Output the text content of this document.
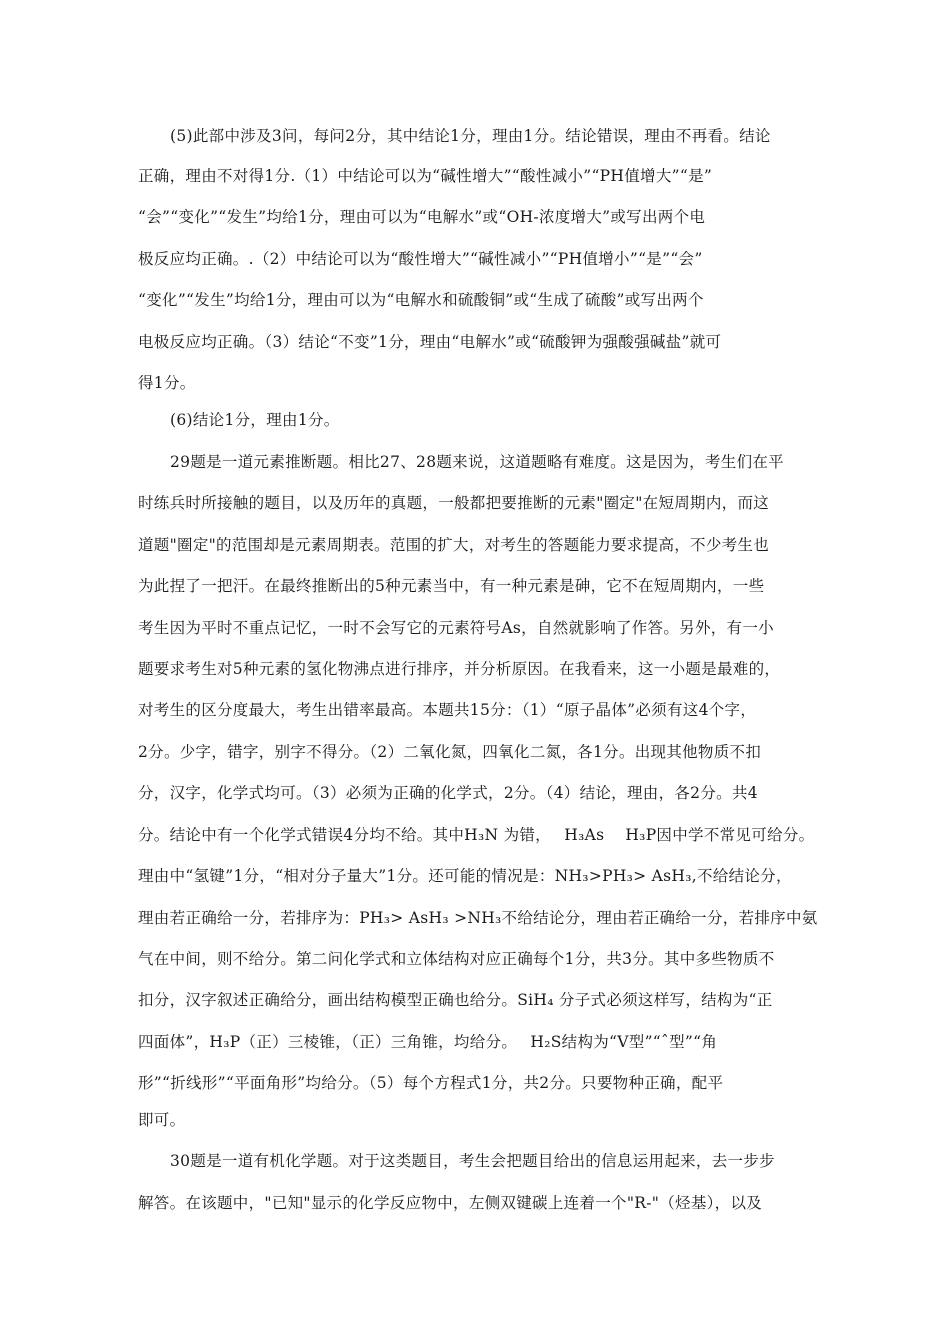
(5)此部中涉及3问，每问2分，其中结论1分，理由1分。结论错误，理由不再看。结论
正确，理由不对得1分.（1）中结论可以为“碱性增大”“酸性减小”“PH值增大”“是”
“会”“变化”“发生”均给1分，理由可以为“电解水”或“OH-浓度增大”或写出两个电
极反应均正确。.（2）中结论可以为“酸性增大”“碱性减小”“PH值增小”“是”“会”
“变化”“发生”均给1分，理由可以为“电解水和硫酸铜”或“生成了硫酸”或写出两个
电极反应均正确。（3）结论“不变”1分，理由“电解水”或“硫酸钾为强酸强碱盐”就可
得1分。
(6)结论1分，理由1分。
29题是一道元素推断题。相比27、28题来说，这道题略有难度。这是因为，考生们在平
时练兵时所接触的题目，以及历年的真题，一般都把要推断的元素"圈定"在短周期内，而这
道题"圈定"的范围却是元素周期表。范围的扩大，对考生的答题能力要求提高，不少考生也
为此捏了一把汗。在最终推断出的5种元素当中，有一种元素是砷，它不在短周期内，一些
考生因为平时不重点记忆，一时不会写它的元素符号As，自然就影响了作答。另外，有一小
题要求考生对5种元素的氢化物沸点进行排序，并分析原因。在我看来，这一小题是最难的，
对考生的区分度最大，考生出错率最高。本题共15分：（1）“原子晶体”必须有这4个字，
2分。少字，错字，别字不得分。（2）二氧化氮，四氧化二氮，各1分。出现其他物质不扣
分，汉字，化学式均可。（3）必须为正确的化学式，2分。（4）结论，理由，各2分。共4
分。结论中有一个化学式错误4分均不给。其中H₃N 为错，　 H₃As　 H₃P因中学不常见可给分。
理由中“氢键”1分，“相对分子量大”1分。还可能的情况是：NH₃>PH₃> AsH₃,不给结论分，
理由若正确给一分，若排序为：PH₃> AsH₃ >NH₃不给结论分，理由若正确给一分，若排序中氨
气在中间，则不给分。第二问化学式和立体结构对应正确每个1分，共3分。其中多些物质不
扣分，汉字叙述正确给分，画出结构模型正确也给分。SiH₄ 分子式必须这样写，结构为“正
四面体”，H₃P（正）三棱锥，（正）三角锥，均给分。　 H₂S结构为“V型”“ˆ型”“角
形”“折线形”“平面角形”均给分。（5）每个方程式1分，共2分。只要物种正确，配平
即可。
30题是一道有机化学题。对于这类题目，考生会把题目给出的信息运用起来，去一步步
解答。在该题中，"已知"显示的化学反应物中，左侧双键碳上连着一个"R-"（烃基），以及
